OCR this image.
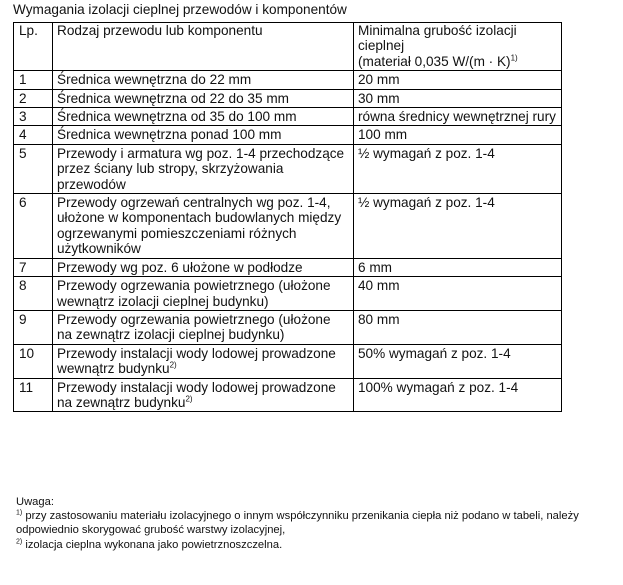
Wymagania izolacji cieplnej przewodów i komponentów
Lp.	Rodzaj przewodu lub komponentu	Minimalna grubość izolacji cieplnej
(materiał 0,035 $W/(m \cdot K)^{1)}$
1	Średnica wewnętrzna do 22 mm	20 mm
2	Średnica wewnętrzna od 22 do 35 mm	30 mm
3	Średnica wewnętrzna od 35 do 100 mm	równa średnicy wewnętrznej rury
4	Średnica wewnętrzna ponad 100 mm	100 mm
5	Przewody i armatura wg poz. 1-4 przechodzące przez ściany lub stropy, skrzyżowania przewodów	½ wymagań z poz. 1-4
6	Przewody ogrzewań centralnych wg poz. 1-4, ułożone w komponentach budowlanych między ogrzewanymi pomieszczeniami różnych użytkowników	½ wymagań z poz. 1-4
7	Przewody wg poz. 6 ułożone w podłodze	6 mm
8	Przewody ogrzewania powietrznego (ułożone wewnątrz izolacji cieplnej budynku)	40 mm
9	Przewody ogrzewania powietrznego (ułożone na zewnątrz izolacji cieplnej budynku)	80 mm
10	Przewody instalacji wody lodowej prowadzone wewnątrz budynku$^{2)}$	50% wymagań z poz. 1-4
11	Przewody instalacji wody lodowej prowadzone na zewnątrz budynku$^{2)}$	100% wymagań z poz. 1-4
Uwaga:
$^{1)}$ przy zastosowaniu materiału izolacyjnego o innym współczynniku przenikania ciepła niż podano w tabeli, należy odpowiednio skorygować grubość warstwy izolacyjnej,
$^{2)}$ izolacja cieplna wykonana jako powietrznoszczelna.
